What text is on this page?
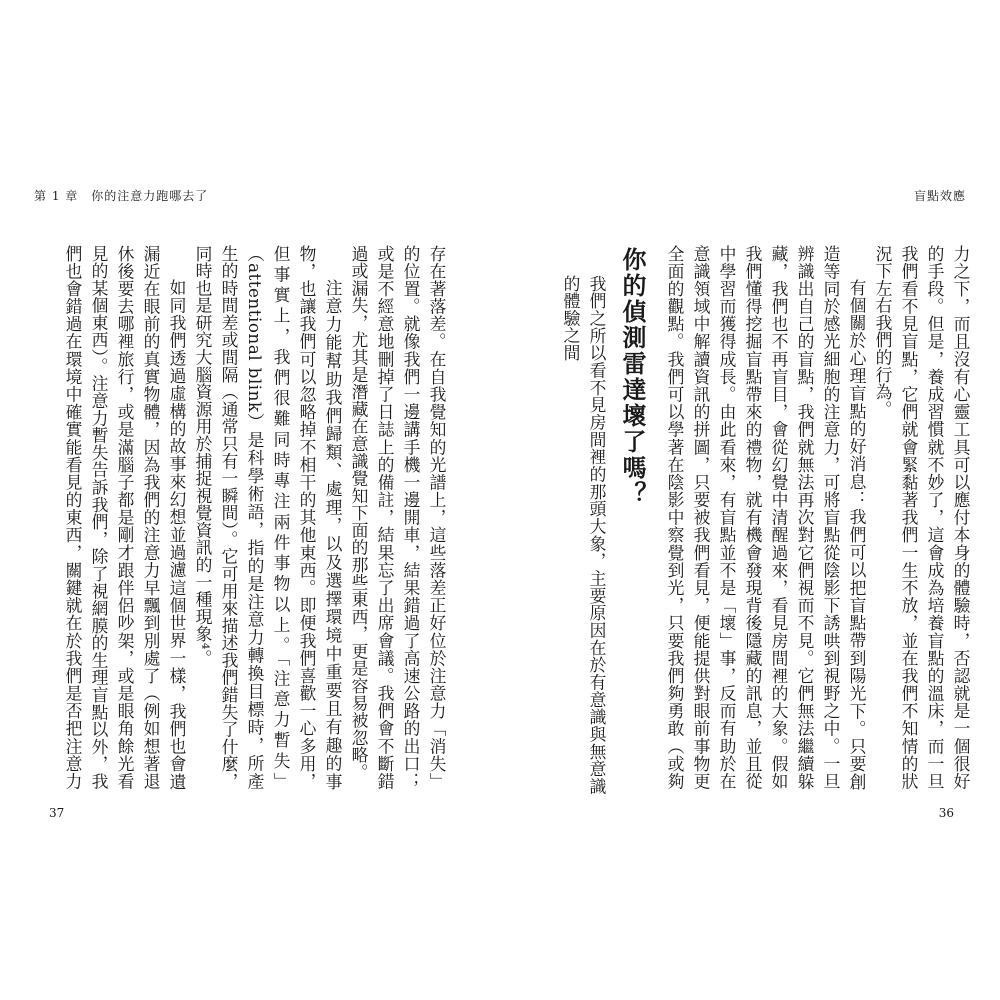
第 1 章　你的注意力跑哪去了

存在著落差。在自我覺知的光譜上，這些落差正好位於注意力「消失」的位置。就像我們一邊講手機一邊開車，結果錯過了高速公路的出口；或是不經意地刪掉了日誌上的備註，結果忘了出席會議。我們會不斷錯過或漏失，尤其是潛藏在意識覺知下面的那些東西，更是容易被忽略。

注意力能幫助我們歸類、處理，以及選擇環境中重要且有趣的事物，也讓我們可以忽略掉不相干的其他東西。即便我們喜歡一心多用，但事實上，我們很難同時專注兩件事物以上。「注意力暫失」（attentional blink）是科學術語，指的是注意力轉換目標時，所產生的時間差或間隔（通常只有一瞬間）。它可用來描述我們錯失了什麼，同時也是研究大腦資源用於捕捉視覺資訊的一種現象⁴。

如同我們透過虛構的故事來幻想並過濾這個世界一樣，我們也會遺漏近在眼前的真實物體，因為我們的注意力早飄到別處了（例如想著退休後要去哪裡旅行，或是滿腦子都是剛才跟伴侶吵架，或是眼角餘光看見的某個東西）。注意力暫失告訴我們，除了視網膜的生理盲點以外，我們也會錯過在環境中確實能看見的東西，關鍵就在於我們是否把注意力

37
盲點效應

力之下，而且沒有心靈工具可以應付本身的體驗時，否認就是一個很好的手段。但是，養成習慣就不妙了，這會成為培養盲點的溫床，而一旦我們看不見盲點，它們就會緊黏著我們一生不放，並在我們不知情的狀況下左右我們的行為。

有個關於心理盲點的好消息：我們可以把盲點帶到陽光下。只要創造等同於感光細胞的注意力，可將盲點從陰影下誘哄到視野之中。一旦辨識出自己的盲點，我們就無法再次對它們視而不見。它們無法繼續躲藏，我們也不再盲目，會從幻覺中清醒過來，看見房間裡的大象。假如我們懂得挖掘盲點帶來的禮物，就有機會發現背後隱藏的訊息，並且從中學習而獲得成長。由此看來，有盲點並不是「壞」事，反而有助於在意識領域中解讀資訊的拼圖，只要被我們看見，便能提供對眼前事物更全面的觀點。我們可以學著在陰影中察覺到光，只要我們夠勇敢（或夠

你的偵測雷達壞了嗎？
我們之所以看不見房間裡的那頭大象，主要原因在於有意識與無意識的體驗之間
36
